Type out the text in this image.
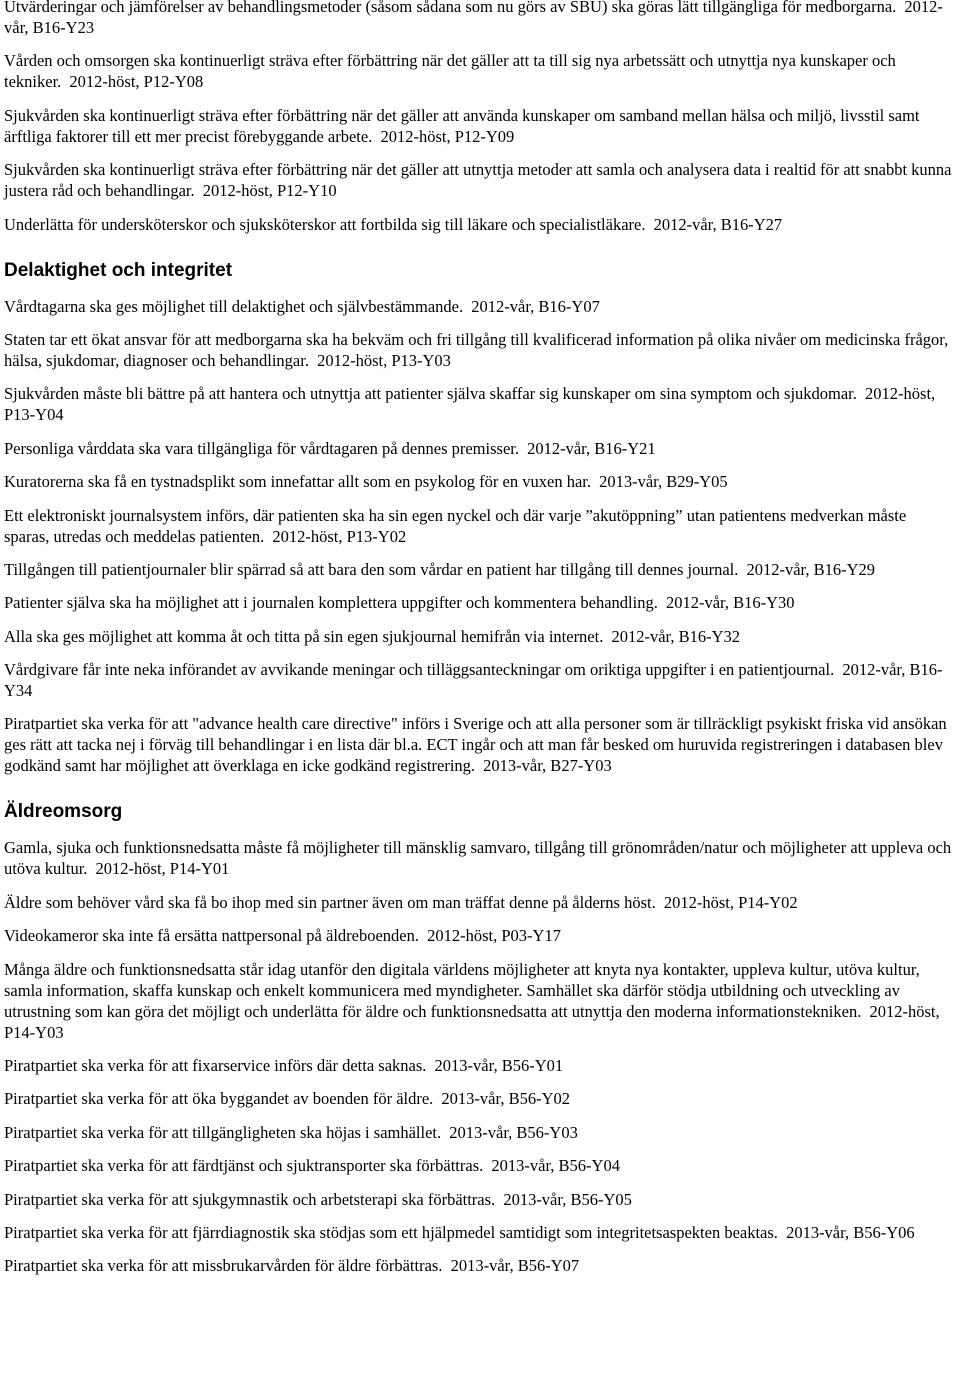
Utvärderingar och jämförelser av behandlingsmetoder (såsom sådana som nu görs av SBU) ska göras lätt tillgängliga för medborgarna. 2012-vår, B16-Y23

Vården och omsorgen ska kontinuerligt sträva efter förbättring när det gäller att ta till sig nya arbetssätt och utnyttja nya kunskaper och tekniker. 2012-höst, P12-Y08

Sjukvården ska kontinuerligt sträva efter förbättring när det gäller att använda kunskaper om samband mellan hälsa och miljö, livsstil samt ärftliga faktorer till ett mer precist förebyggande arbete. 2012-höst, P12-Y09

Sjukvården ska kontinuerligt sträva efter förbättring när det gäller att utnyttja metoder att samla och analysera data i realtid för att snabbt kunna justera råd och behandlingar. 2012-höst, P12-Y10

Underlätta för undersköterskor och sjuksköterskor att fortbilda sig till läkare och specialistläkare. 2012-vår, B16-Y27

Delaktighet och integritet

Vårdtagarna ska ges möjlighet till delaktighet och självbestämmande. 2012-vår, B16-Y07

Staten tar ett ökat ansvar för att medborgarna ska ha bekväm och fri tillgång till kvalificerad information på olika nivåer om medicinska frågor, hälsa, sjukdomar, diagnoser och behandlingar. 2012-höst, P13-Y03

Sjukvården måste bli bättre på att hantera och utnyttja att patienter själva skaffar sig kunskaper om sina symptom och sjukdomar. 2012-höst, P13-Y04

Personliga vårddata ska vara tillgängliga för vårdtagaren på dennes premisser. 2012-vår, B16-Y21

Kuratorerna ska få en tystnadsplikt som innefattar allt som en psykolog för en vuxen har. 2013-vår, B29-Y05

Ett elektroniskt journalsystem införs, där patienten ska ha sin egen nyckel och där varje ”akutöppning” utan patientens medverkan måste sparas, utredas och meddelas patienten. 2012-höst, P13-Y02

Tillgången till patientjournaler blir spärrad så att bara den som vårdar en patient har tillgång till dennes journal. 2012-vår, B16-Y29

Patienter själva ska ha möjlighet att i journalen komplettera uppgifter och kommentera behandling. 2012-vår, B16-Y30

Alla ska ges möjlighet att komma åt och titta på sin egen sjukjournal hemifrån via internet. 2012-vår, B16-Y32

Vårdgivare får inte neka införandet av avvikande meningar och tilläggsanteckningar om oriktiga uppgifter i en patientjournal. 2012-vår, B16-Y34

Piratpartiet ska verka för att "advance health care directive" införs i Sverige och att alla personer som är tillräckligt psykiskt friska vid ansökan ges rätt att tacka nej i förväg till behandlingar i en lista där bl.a. ECT ingår och att man får besked om huruvida registreringen i databasen blev godkänd samt har möjlighet att överklaga en icke godkänd registrering. 2013-vår, B27-Y03

Äldreomsorg

Gamla, sjuka och funktionsnedsatta måste få möjligheter till mänsklig samvaro, tillgång till grönområden/natur och möjligheter att uppleva och utöva kultur. 2012-höst, P14-Y01

Äldre som behöver vård ska få bo ihop med sin partner även om man träffat denne på ålderns höst. 2012-höst, P14-Y02

Videokameror ska inte få ersätta nattpersonal på äldreboenden. 2012-höst, P03-Y17

Många äldre och funktionsnedsatta står idag utanför den digitala världens möjligheter att knyta nya kontakter, uppleva kultur, utöva kultur, samla information, skaffa kunskap och enkelt kommunicera med myndigheter. Samhället ska därför stödja utbildning och utveckling av utrustning som kan göra det möjligt och underlätta för äldre och funktionsnedsatta att utnyttja den moderna informationstekniken. 2012-höst, P14-Y03

Piratpartiet ska verka för att fixarservice införs där detta saknas. 2013-vår, B56-Y01

Piratpartiet ska verka för att öka byggandet av boenden för äldre. 2013-vår, B56-Y02

Piratpartiet ska verka för att tillgängligheten ska höjas i samhället. 2013-vår, B56-Y03

Piratpartiet ska verka för att färdtjänst och sjuktransporter ska förbättras. 2013-vår, B56-Y04

Piratpartiet ska verka för att sjukgymnastik och arbetsterapi ska förbättras. 2013-vår, B56-Y05

Piratpartiet ska verka för att fjärrdiagnostik ska stödjas som ett hjälpmedel samtidigt som integritetsaspekten beaktas. 2013-vår, B56-Y06

Piratpartiet ska verka för att missbrukarvården för äldre förbättras. 2013-vår, B56-Y07
